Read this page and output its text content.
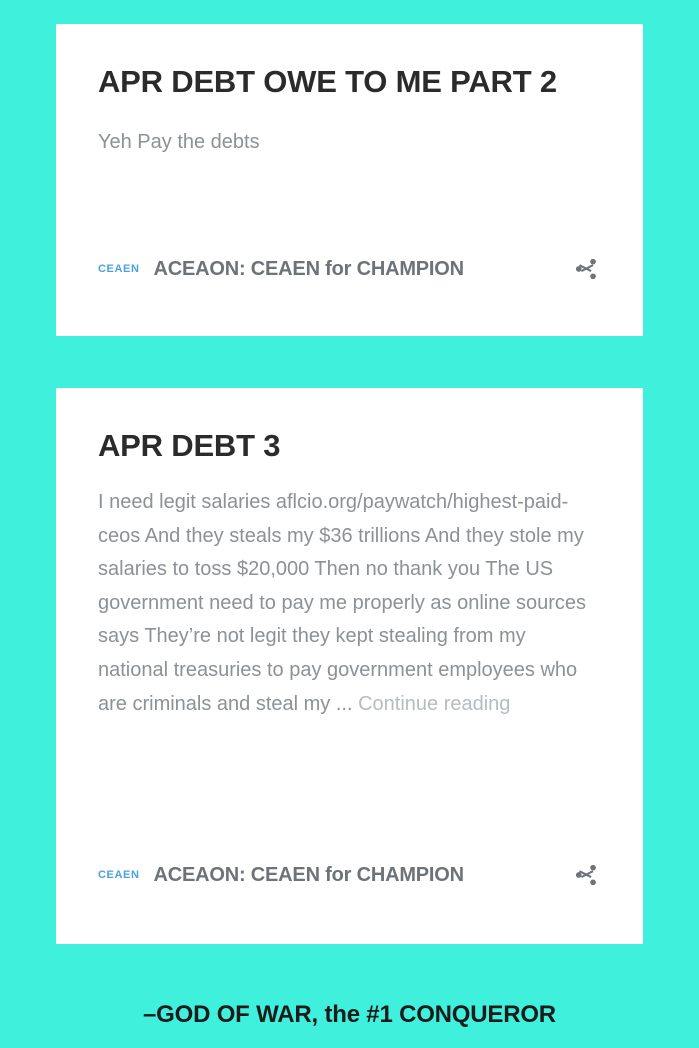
APR DEBT OWE TO ME PART 2

Yeh Pay the debts

CEAEN ACEAON: CEAEN for CHAMPION
APR DEBT 3

I need legit salaries aflcio.org/paywatch/highest-paid-ceos And they steals my $36 trillions And they stole my salaries to toss $20,000 Then no thank you The US government need to pay me properly as online sources says They’re not legit they kept stealing from my national treasuries to pay government employees who are criminals and steal my ... Continue reading

CEAEN ACEAON: CEAEN for CHAMPION
–GOD OF WAR, the #1 CONQUEROR
